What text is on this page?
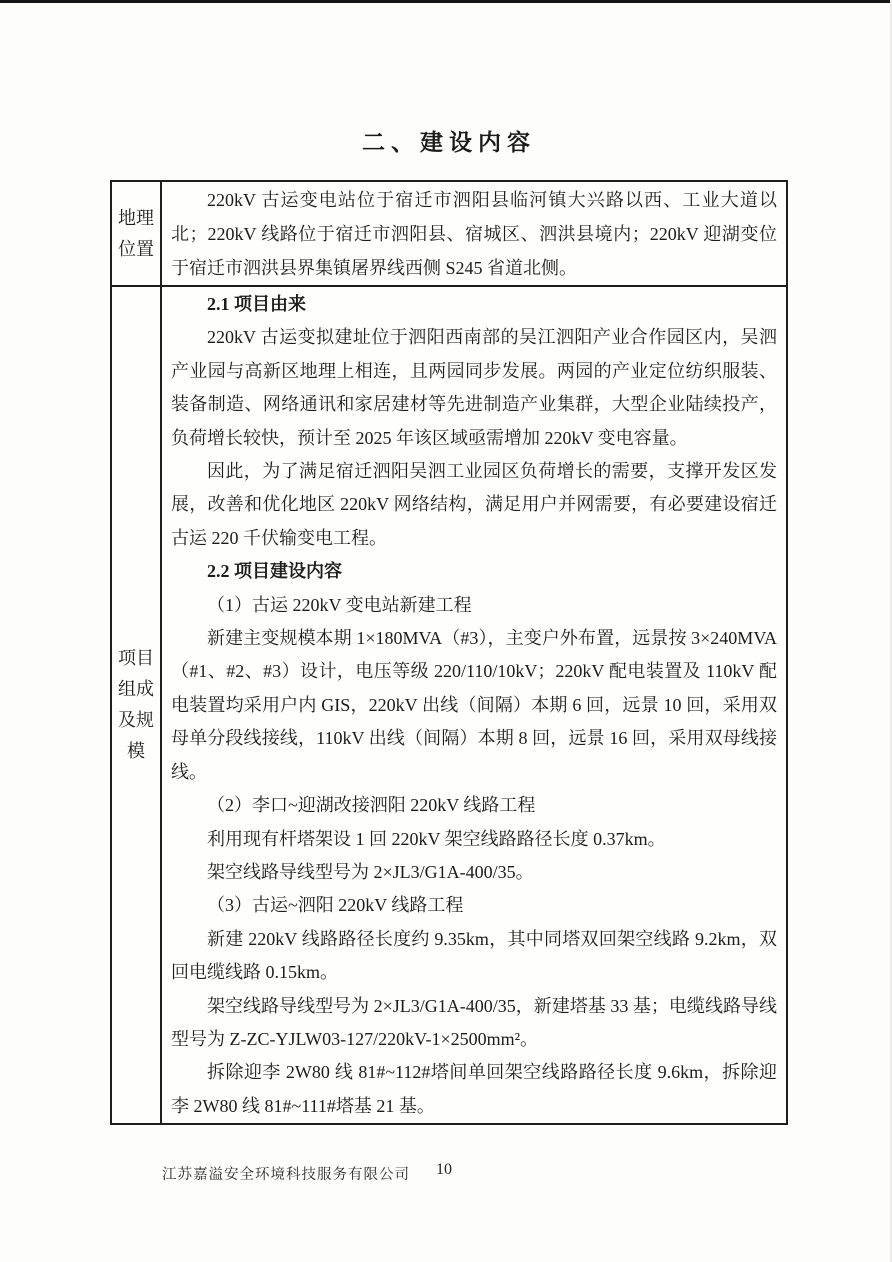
二、建设内容
地理位置

220kV 古运变电站位于宿迁市泗阳县临河镇大兴路以西、工业大道以北；220kV 线路位于宿迁市泗阳县、宿城区、泗洪县境内；220kV 迎湖变位于宿迁市泗洪县界集镇屠界线西侧 S245 省道北侧。

项目组成及规模

2.1 项目由来

220kV 古运变拟建址位于泗阳西南部的吴江泗阳产业合作园区内，吴泗产业园与高新区地理上相连，且两园同步发展。两园的产业定位纺织服装、装备制造、网络通讯和家居建材等先进制造产业集群，大型企业陆续投产，负荷增长较快，预计至 2025 年该区域亟需增加 220kV 变电容量。

因此，为了满足宿迁泗阳吴泗工业园区负荷增长的需要，支撑开发区发展，改善和优化地区 220kV 网络结构，满足用户并网需要，有必要建设宿迁古运 220 千伏输变电工程。

2.2 项目建设内容

（1）古运 220kV 变电站新建工程

新建主变规模本期 1×180MVA（#3），主变户外布置，远景按 3×240MVA（#1、#2、#3）设计，电压等级 220/110/10kV；220kV 配电装置及 110kV 配电装置均采用户内 GIS，220kV 出线（间隔）本期 6 回，远景 10 回，采用双母单分段线接线，110kV 出线（间隔）本期 8 回，远景 16 回，采用双母线接线。

（2）李口~迎湖改接泗阳 220kV 线路工程

利用现有杆塔架设 1 回 220kV 架空线路路径长度 0.37km。

架空线路导线型号为 2×JL3/G1A-400/35。

（3）古运~泗阳 220kV 线路工程

新建 220kV 线路路径长度约 9.35km，其中同塔双回架空线路 9.2km，双回电缆线路 0.15km。

架空线路导线型号为 2×JL3/G1A-400/35，新建塔基 33 基；电缆线路导线型号为 Z-ZC-YJLW03-127/220kV-1×2500mm²。

拆除迎李 2W80 线 81#~112#塔间单回架空线路路径长度 9.6km，拆除迎李 2W80 线 81#~111#塔基 21 基。

江苏嘉溢安全环境科技服务有限公司 10
